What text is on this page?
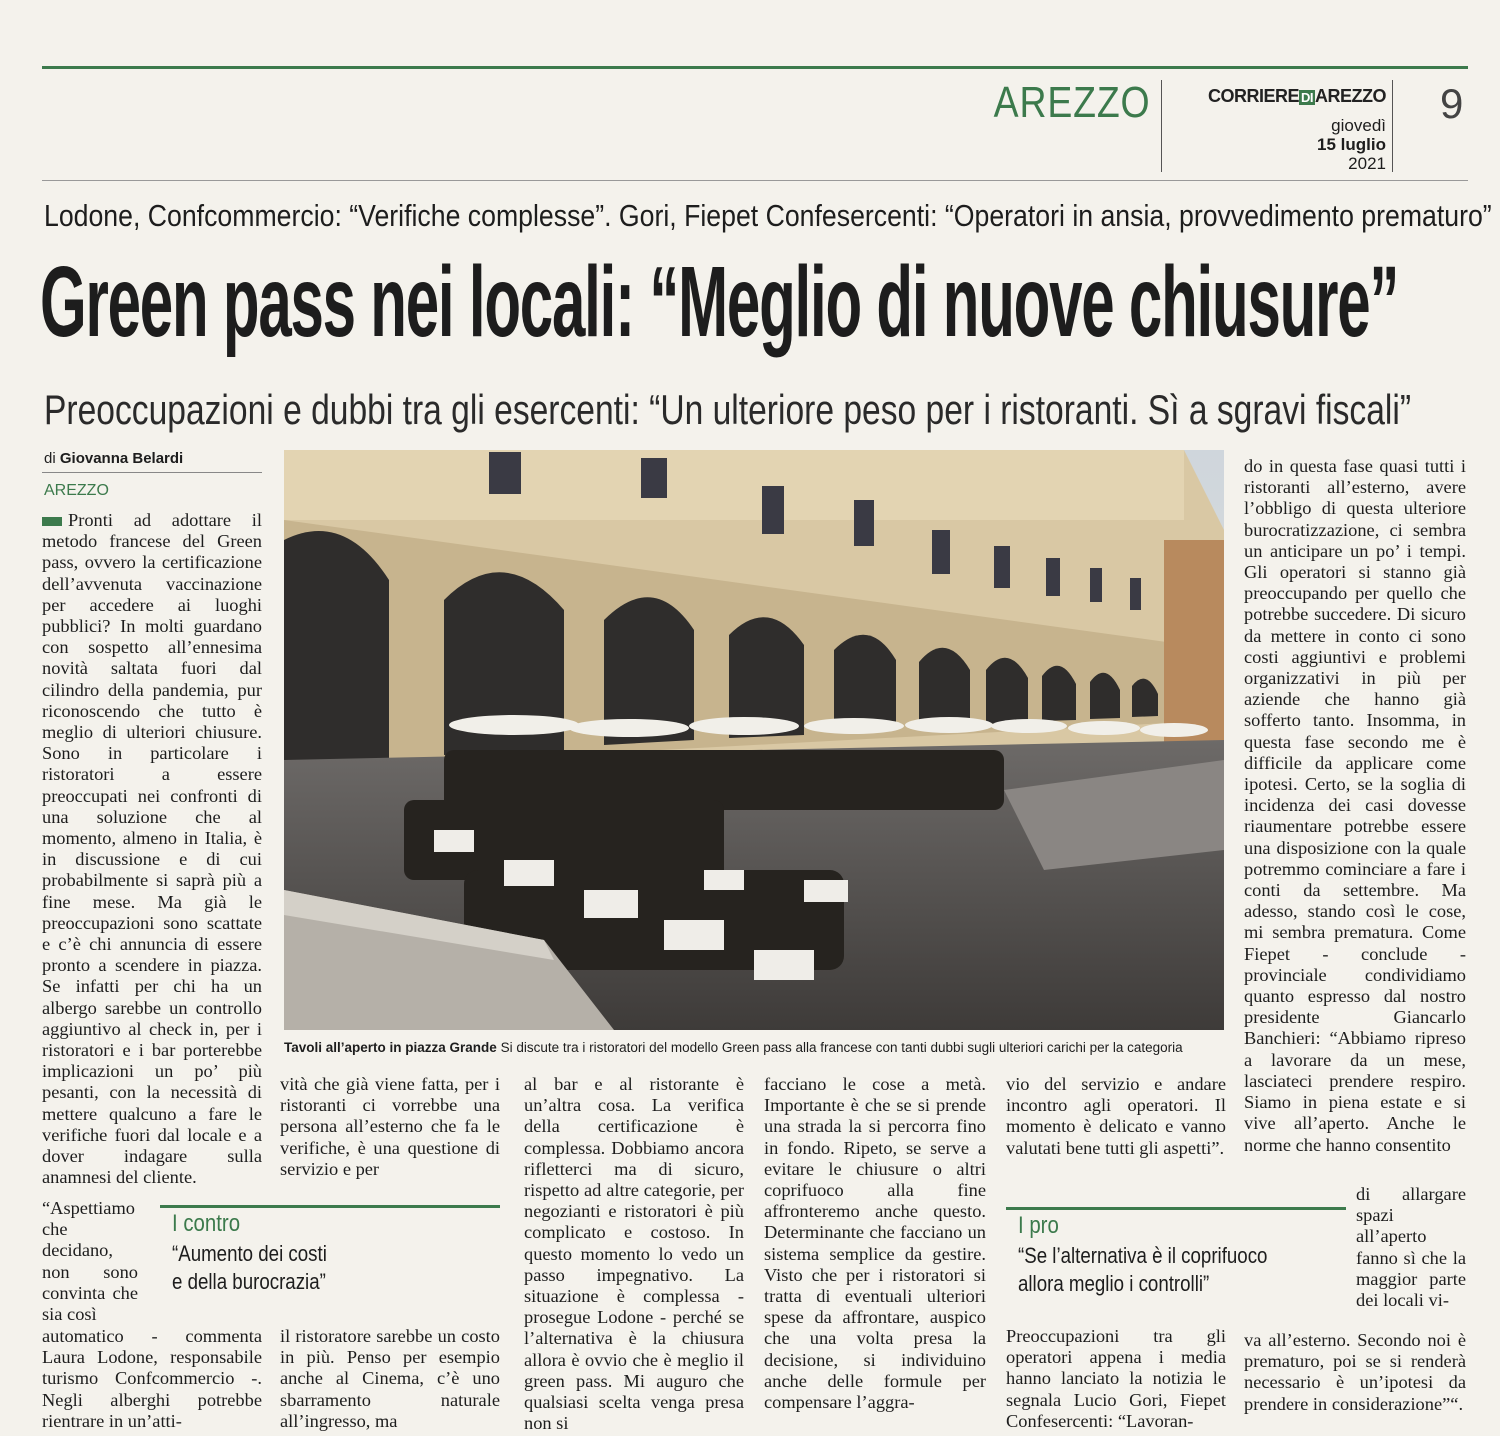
AREZZO	CORRIERE DI AREZZO
giovedì
15 luglio
2021
9
Lodone, Confcommercio: “Verifiche complesse”. Gori, Fiepet Confesercenti: “Operatori in ansia, provvedimento prematuro”
Green pass nei locali: “Meglio di nuove chiusure”
Preoccupazioni e dubbi tra gli esercenti: “Un ulteriore peso per i ristoranti. Sì a sgravi fiscali”
di Giovanna Belardi
AREZZO

Pronti ad adottare il metodo francese del Green pass, ovvero la certificazione dell’avvenuta vaccinazione per accedere ai luoghi pubblici? In molti guardano con sospetto all’ennesima novità saltata fuori dal cilindro della pandemia, pur riconoscendo che tutto è meglio di ulteriori chiusure. Sono in particolare i ristoratori a essere preoccupati nei confronti di una soluzione che al momento, almeno in Italia, è in discussione e di cui probabilmente si saprà più a fine mese. Ma già le preoccupazioni sono scattate e c’è chi annuncia di essere pronto a scendere in piazza. Se infatti per chi ha un albergo sarebbe un controllo aggiuntivo al check in, per i ristoratori e i bar porterebbe implicazioni un po’ più pesanti, con la necessità di mettere qualcuno a fare le verifiche fuori dal locale e a dover indagare sulla anamnesi del cliente.

“Aspettiamo che decidano, non sono convinta che sia così

automatico - commenta Laura Lodone, responsabile turismo Confcommercio -. Negli alberghi potrebbe rientrare in un’atti-

Tavoli all’aperto in piazza Grande Si discute tra i ristoratori del modello Green pass alla francese con tanti dubbi sugli ulteriori carichi per la categoria

vità che già viene fatta, per i ristoranti ci vorrebbe una persona all’esterno che fa le verifiche, è una questione di servizio e per

I contro
“Aumento dei costi
e della burocrazia”

il ristoratore sarebbe un costo in più. Penso per esempio anche al Cinema, c’è uno sbarramento naturale all’ingresso, ma

al bar e al ristorante è un’altra cosa. La verifica della certificazione è complessa. Dobbiamo ancora rifletterci ma di sicuro, rispetto ad altre categorie, per negozianti e ristoratori è più complicato e costoso. In questo momento lo vedo un passo impegnativo. La situazione è complessa - prosegue Lodone - perché se l’alternativa è la chiusura allora è ovvio che è meglio il green pass. Mi auguro che qualsiasi scelta venga presa non si

facciano le cose a metà. Importante è che se si prende una strada la si percorra fino in fondo. Ripeto, se serve a evitare le chiusure o altri coprifuoco alla fine affronteremo anche questo. Determinante che facciano un sistema semplice da gestire. Visto che per i ristoratori si tratta di eventuali ulteriori spese da affrontare, auspico che una volta presa la decisione, si individuino anche delle formule per compensare l’aggra-

vio del servizio e andare incontro agli operatori. Il momento è delicato e vanno valutati bene tutti gli aspetti”.

I pro
“Se l’alternativa è il coprifuoco
allora meglio i controlli”

Preoccupazioni tra gli operatori appena i media hanno lanciato la notizia le segnala Lucio Gori, Fiepet Confesercenti: “Lavoran-

do in questa fase quasi tutti i ristoranti all’esterno, avere l’obbligo di questa ulteriore burocratizzazione, ci sembra un anticipare un po’ i tempi. Gli operatori si stanno già preoccupando per quello che potrebbe succedere. Di sicuro da mettere in conto ci sono costi aggiuntivi e problemi organizzativi in più per aziende che hanno già sofferto tanto. Insomma, in questa fase secondo me è difficile da applicare come ipotesi. Certo, se la soglia di incidenza dei casi dovesse riaumentare potrebbe essere una disposizione con la quale potremmo cominciare a fare i conti da settembre. Ma adesso, stando così le cose, mi sembra prematura. Come Fiepet - conclude - provinciale condividiamo quanto espresso dal nostro presidente Giancarlo Banchieri: “Abbiamo ripreso a lavorare da un mese, lasciateci prendere respiro. Siamo in piena estate e si vive all’aperto. Anche le norme che hanno consentito

di allargare spazi all’aperto fanno sì che la maggior parte dei locali vi-

va all’esterno. Secondo noi è prematuro, poi se si renderà necessario è un’ipotesi da prendere in considerazione”“.
